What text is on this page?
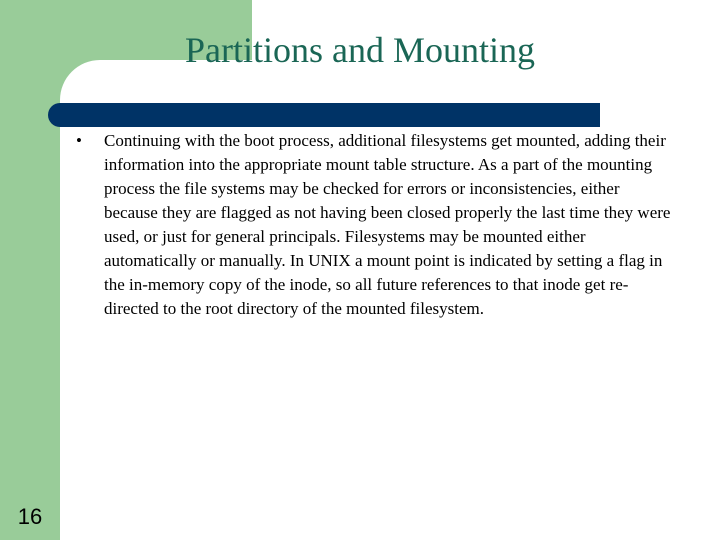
Partitions and Mounting
•	Continuing with the boot process, additional filesystems get mounted, adding their information into the appropriate mount table structure. As a part of the mounting process the file systems may be checked for errors or inconsistencies, either because they are flagged as not having been closed properly the last time they were used, or just for general principals. Filesystems may be mounted either automatically or manually. In UNIX a mount point is indicated by setting a flag in the in-memory copy of the inode, so all future references to that inode get re-directed to the root directory of the mounted filesystem.
16
